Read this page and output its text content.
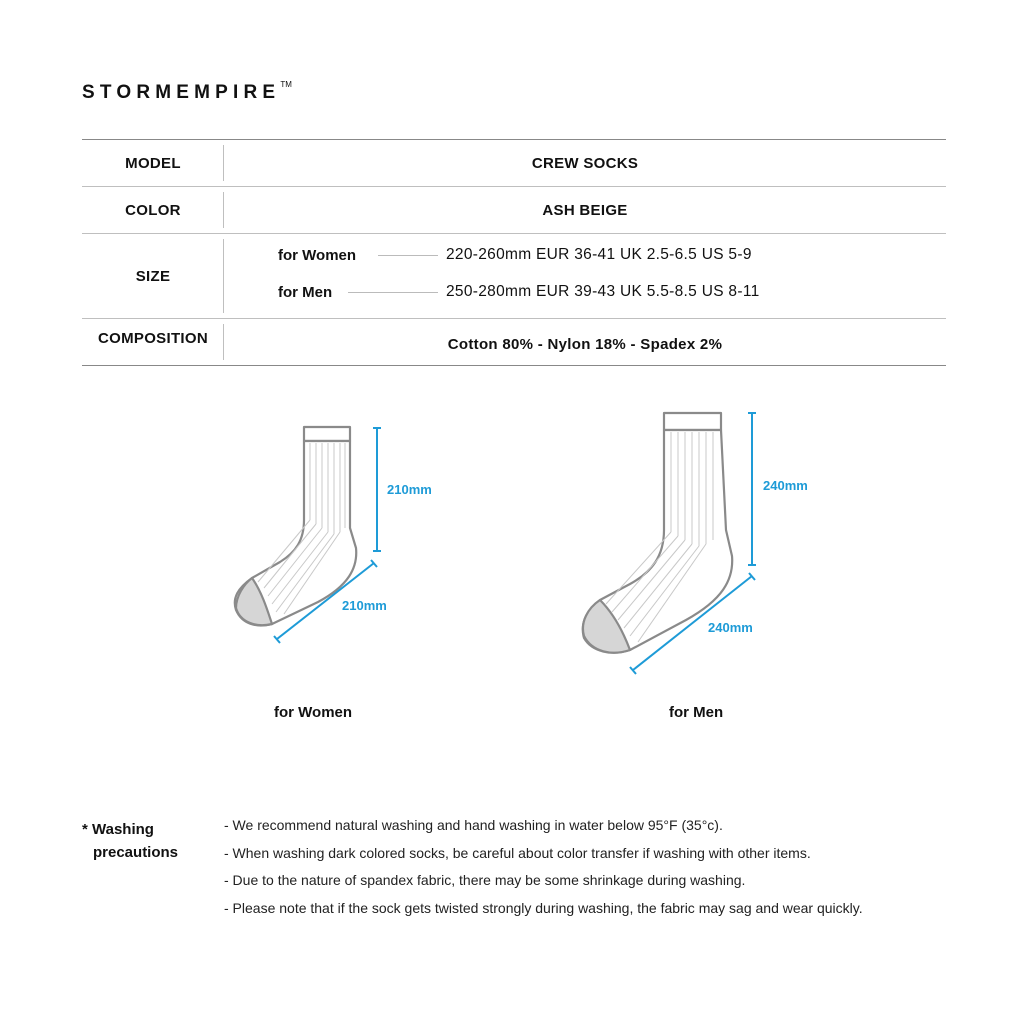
STORMEMPIRE™
MODEL	CREW SOCKS
COLOR	ASH BEIGE
SIZE
for Women	220-260mm EUR 36-41 UK 2.5-6.5 US 5-9
for Men	250-280mm EUR 39-43 UK 5.5-8.5 US 8-11
COMPOSITION	Cotton 80% - Nylon 18% - Spadex 2%
210mm
210mm
240mm
240mm
for Women	for Men
* Washing
precautions
- We recommend natural washing and hand washing in water below 95°F (35°c).
- When washing dark colored socks, be careful about color transfer if washing with other items.
- Due to the nature of spandex fabric, there may be some shrinkage during washing.
- Please note that if the sock gets twisted strongly during washing, the fabric may sag and wear quickly.
